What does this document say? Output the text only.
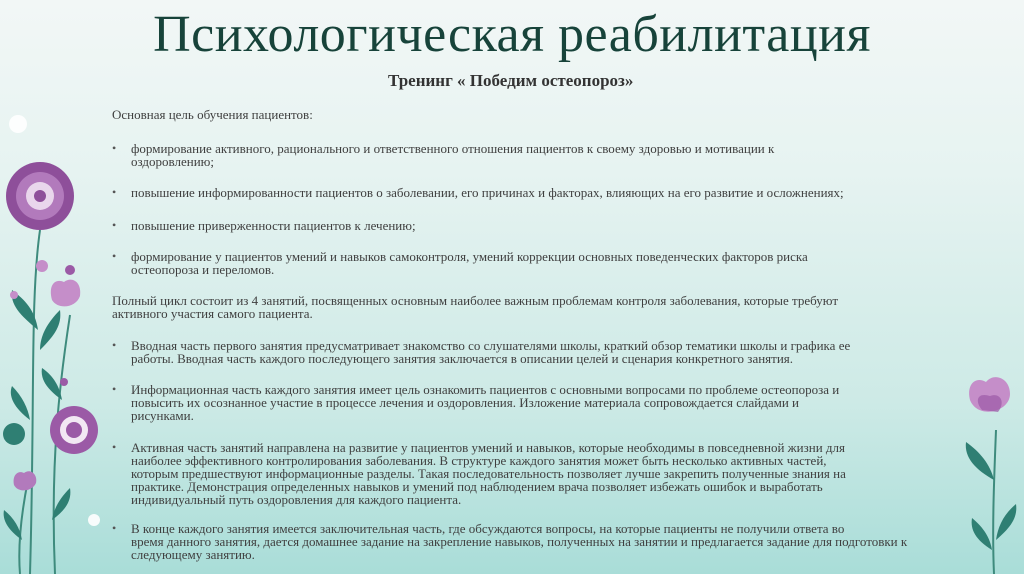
Психологическая реабилитация
Тренинг « Победим остеопороз»
Основная цель обучения пациентов:
• формирование активного, рационального и ответственного отношения пациентов к своему здоровью и мотивации к
оздоровлению;
• повышение информированности пациентов о заболевании, его причинах и факторах, влияющих на его развитие и осложнениях;
• повышение приверженности пациентов к лечению;
• формирование у пациентов умений и навыков самоконтроля, умений коррекции основных поведенческих факторов риска
остеопороза и переломов.
Полный цикл состоит из 4 занятий, посвященных основным наиболее важным проблемам контроля заболевания, которые требуют
активного участия самого пациента.
• Вводная часть первого занятия предусматривает знакомство со слушателями школы, краткий обзор тематики школы и графика ее
работы. Вводная часть каждого последующего занятия заключается в описании целей и сценария конкретного занятия.
• Информационная часть каждого занятия имеет цель ознакомить пациентов с основными вопросами по проблеме остеопороза и
повысить их осознанное участие в процессе лечения и оздоровления. Изложение материала сопровождается слайдами и
рисунками.
• Активная часть занятий направлена на развитие у пациентов умений и навыков, которые необходимы в повседневной жизни для
наиболее эффективного контролирования заболевания. В структуре каждого занятия может быть несколько активных частей,
которым предшествуют информационные разделы. Такая последовательность позволяет лучше закрепить полученные знания на
практике. Демонстрация определенных навыков и умений под наблюдением врача позволяет избежать ошибок и выработать
индивидуальный путь оздоровления для каждого пациента.
• В конце каждого занятия имеется заключительная часть, где обсуждаются вопросы, на которые пациенты не получили ответа во
время данного занятия, дается домашнее задание на закрепление навыков, полученных на занятии и предлагается задание для подготовки к
следующему занятию.
